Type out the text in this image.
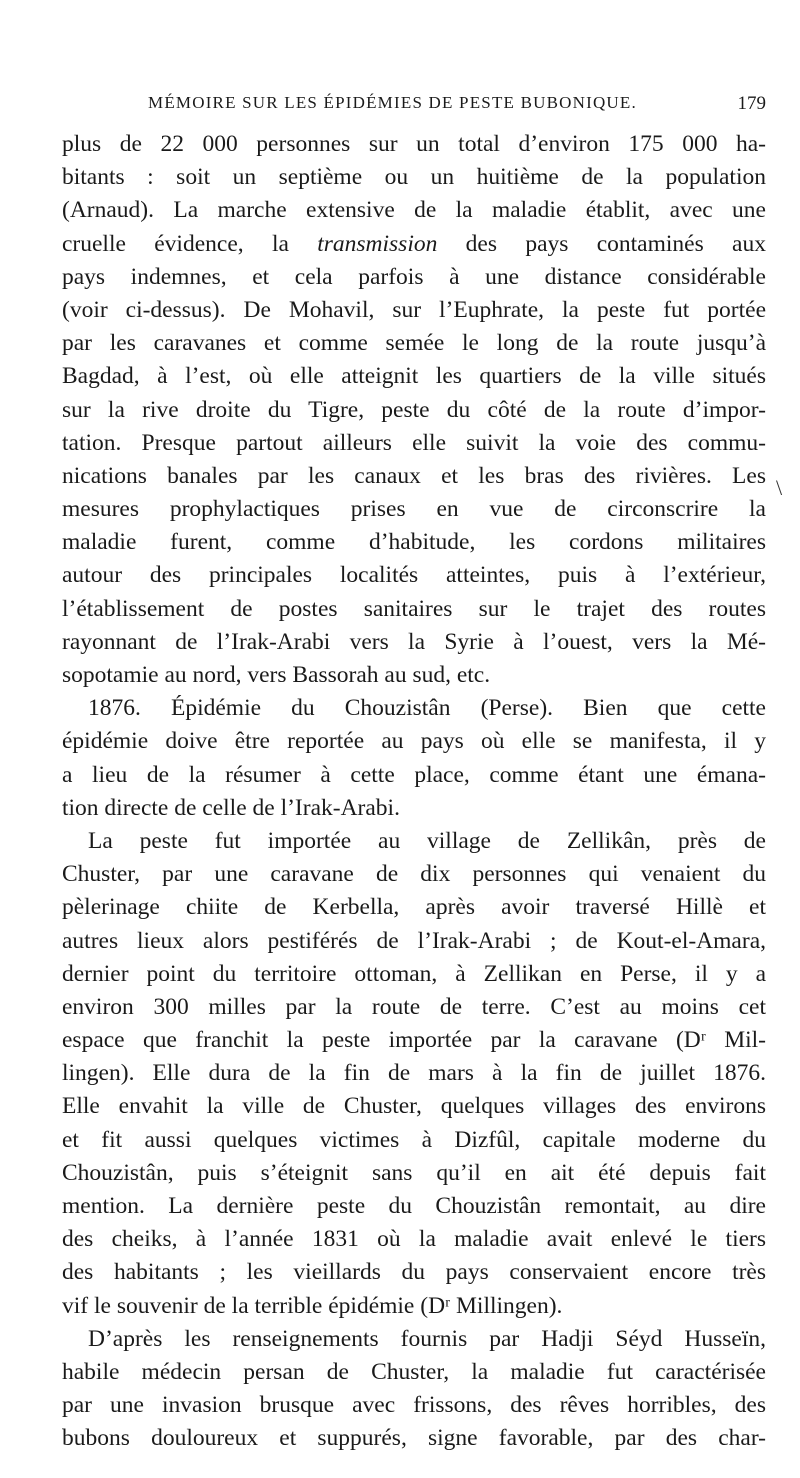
MÉMOIRE SUR LES ÉPIDÉMIES DE PESTE BUBONIQUE.	179
plus de 22 000 personnes sur un total d’environ 175 000 ha-
bitants : soit un septième ou un huitième de la population
(Arnaud). La marche extensive de la maladie établit, avec une
cruelle évidence, la transmission des pays contaminés aux
pays indemnes, et cela parfois à une distance considérable
(voir ci-dessus). De Mohavil, sur l’Euphrate, la peste fut portée
par les caravanes et comme semée le long de la route jusqu’à
Bagdad, à l’est, où elle atteignit les quartiers de la ville situés
sur la rive droite du Tigre, peste du côté de la route d’impor-
tation. Presque partout ailleurs elle suivit la voie des commu-
nications banales par les canaux et les bras des rivières. Les
mesures prophylactiques prises en vue de circonscrire la
maladie furent, comme d’habitude, les cordons militaires
autour des principales localités atteintes, puis à l’extérieur,
l’établissement de postes sanitaires sur le trajet des routes
rayonnant de l’Irak-Arabi vers la Syrie à l’ouest, vers la Mé-
sopotamie au nord, vers Bassorah au sud, etc.
1876. Épidémie du Chouzistân (Perse). Bien que cette
épidémie doive être reportée au pays où elle se manifesta, il y
a lieu de la résumer à cette place, comme étant une émana-
tion directe de celle de l’Irak-Arabi.
La peste fut importée au village de Zellikân, près de
Chuster, par une caravane de dix personnes qui venaient du
pèlerinage chiite de Kerbella, après avoir traversé Hillè et
autres lieux alors pestiférés de l’Irak-Arabi ; de Kout-el-Amara,
dernier point du territoire ottoman, à Zellikan en Perse, il y a
environ 300 milles par la route de terre. C’est au moins cet
espace que franchit la peste importée par la caravane (Dʳ Mil-
lingen). Elle dura de la fin de mars à la fin de juillet 1876.
Elle envahit la ville de Chuster, quelques villages des environs
et fit aussi quelques victimes à Dizfûl, capitale moderne du
Chouzistân, puis s’éteignit sans qu’il en ait été depuis fait
mention. La dernière peste du Chouzistân remontait, au dire
des cheiks, à l’année 1831 où la maladie avait enlevé le tiers
des habitants ; les vieillards du pays conservaient encore très
vif le souvenir de la terrible épidémie (Dʳ Millingen).
D’après les renseignements fournis par Hadji Séyd Husseïn,
habile médecin persan de Chuster, la maladie fut caractérisée
par une invasion brusque avec frissons, des rêves horribles, des
bubons douloureux et suppurés, signe favorable, par des char-
\
